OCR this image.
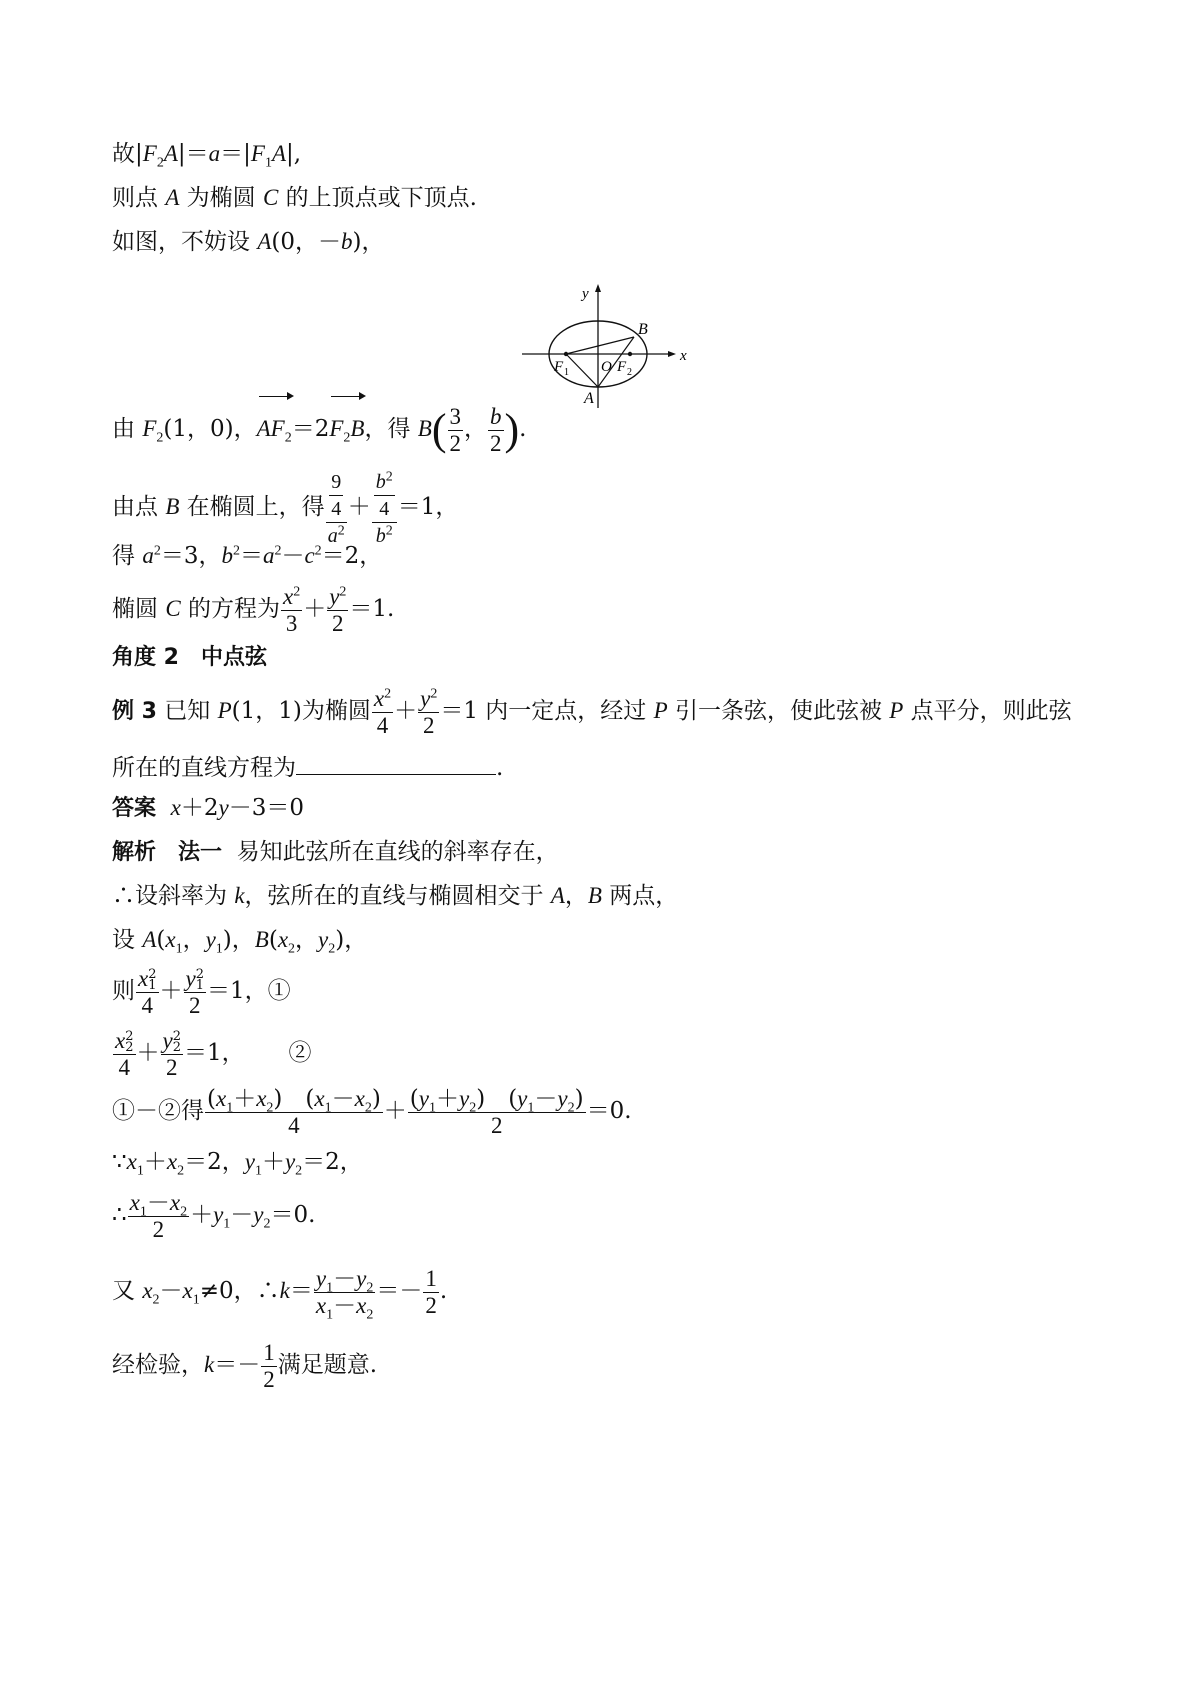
故$|F_2A|=a=|F_1A|$,
则点 A 为椭圆 C 的上顶点或下顶点.
如图，不妨设 A(0，－b)，
y
x
B
F 1 O F 2
A
由 $F_2(1$，0)，$AF_2=2F_2B$，得 $B( \frac{3}{2}$ ， $\frac{b}{2}$ ).
由点 B 在椭圆上，得 $\frac{\frac{9}{4}}{a^2} + \frac{\frac{b^2}{4}}{b^2} =1$，
得 $a^2=3$，$b^2=a^2-c^2=2$，
椭圆 C 的方程为 $\frac{x^2}{3} + \frac{y^2}{2} =1$.
角度 2　中点弦
例 3 已知 P(1，1)为椭圆 $\frac{x^2}{4} + \frac{y^2}{2} =1$ 内一定点，经过 P 引一条弦，使此弦被 P 点平分，则此弦
所在的直线方程为	.
答案 x＋2y－3＝0
解析　法一 易知此弦所在直线的斜率存在，
∴设斜率为 k，弦所在的直线与椭圆相交于 A，B 两点，
设 $A(x_1$，$y_1$)，$B(x_2$，$y_2$)，
则 x 2
1
4 ＋ y 2
1
2 ＝1，①
x 2
2
4 ＋ y 2
2
2 ＝1， ②
①－②得 $\frac{(x_1+x_2) (x_1-x_2)}{4} + \frac{(y_1+y_2) (y_1-y_2)}{2} =0$.
$\because x_1+x_2=2$，$y_1+y_2=2$，
∴ $\frac{x_1-x_2}{2} +y_1-y_2=0$.
又 $x_2-x_1\ne 0$，∴k＝ $\frac{y_1-y_2}{x_1-x_2} =- \frac{1}{2}$ .
经检验，$k=- \frac{1}{2}$ 满足题意.
